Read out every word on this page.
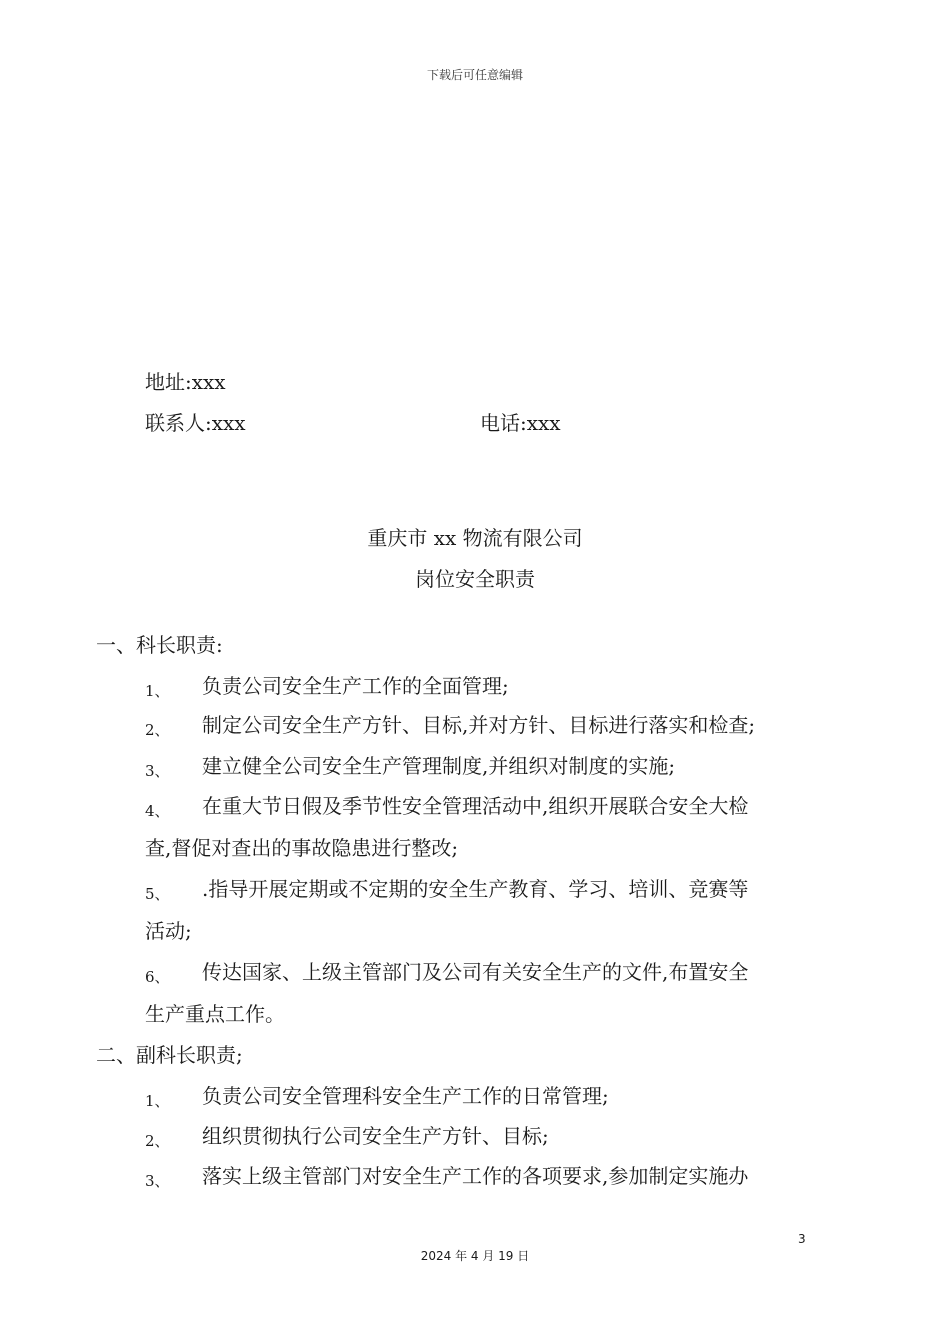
下载后可任意编辑
地址:xxx
联系人:xxx	电话:xxx
重庆市 xx 物流有限公司
岗位安全职责
一、科长职责:
1、 负责公司安全生产工作的全面管理;
2、 制定公司安全生产方针、目标,并对方针、目标进行落实和检查;
3、 建立健全公司安全生产管理制度,并组织对制度的实施;
4、 在重大节日假及季节性安全管理活动中,组织开展联合安全大检
查,督促对查出的事故隐患进行整改;
5、 .指导开展定期或不定期的安全生产教育、学习、培训、竞赛等
活动;
6、 传达国家、上级主管部门及公司有关安全生产的文件,布置安全
生产重点工作。
二、副科长职责;
1、 负责公司安全管理科安全生产工作的日常管理;
2、 组织贯彻执行公司安全生产方针、目标;
3、 落实上级主管部门对安全生产工作的各项要求,参加制定实施办
3
2024 年 4 月 19 日
